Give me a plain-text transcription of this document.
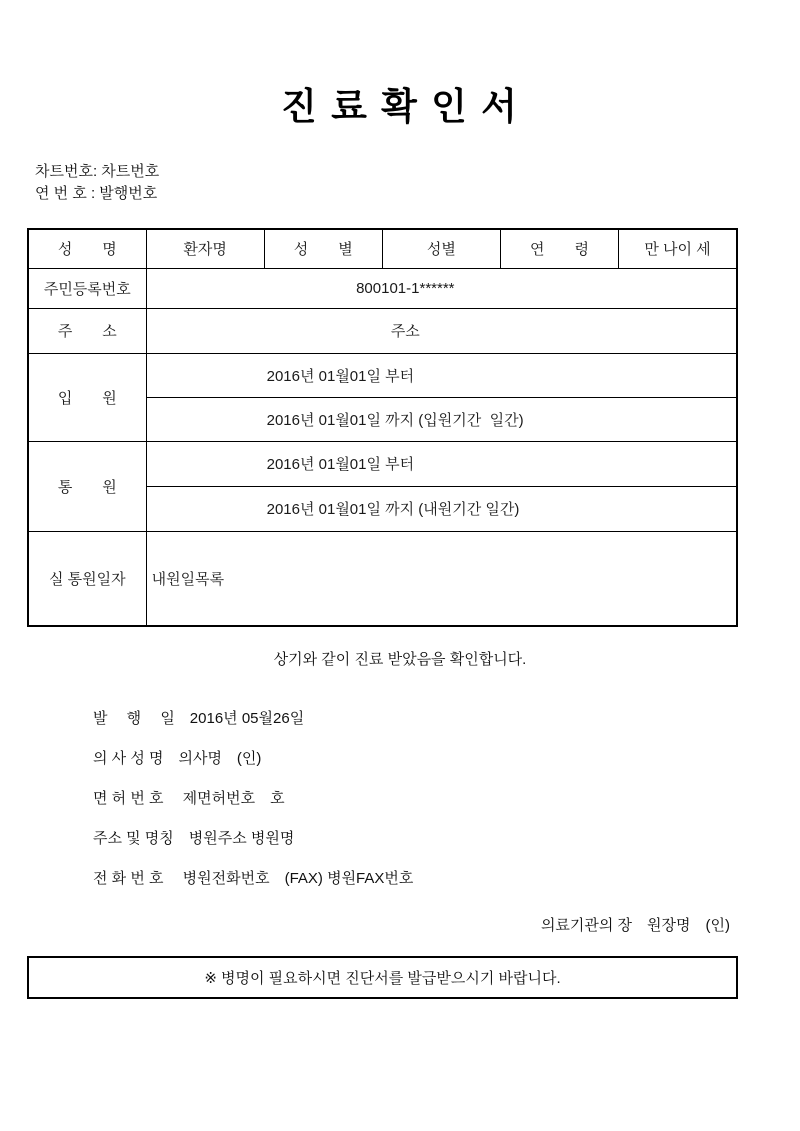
진 료 확 인 서
차트번호: 차트번호
연 번 호 : 발행번호
성　　명	환자명	성　　별	성별	연　　령	만 나이 세
주민등록번호	800101-1******				
주　　소	주소				
입　　원	2016년 01월01일 부터				
	2016년 01월01일 까지 (입원기간  일간)				
통　　원	2016년 01월01일 부터				
	2016년 01월01일 까지 (내원기간 일간)				
실 통원일자	내원일목록				
상기와 같이 진료 받았음을 확인합니다.

발　 행 　일　2016년 05월26일

의 사 성 명　의사명　(인)

면 허 번 호 　제면허번호　호

주소 및 명칭　병원주소 병원명

전 화 번 호 　병원전화번호　(FAX) 병원FAX번호

의료기관의 장　원장명　(인)
※ 병명이 필요하시면 진단서를 발급받으시기 바랍니다.
